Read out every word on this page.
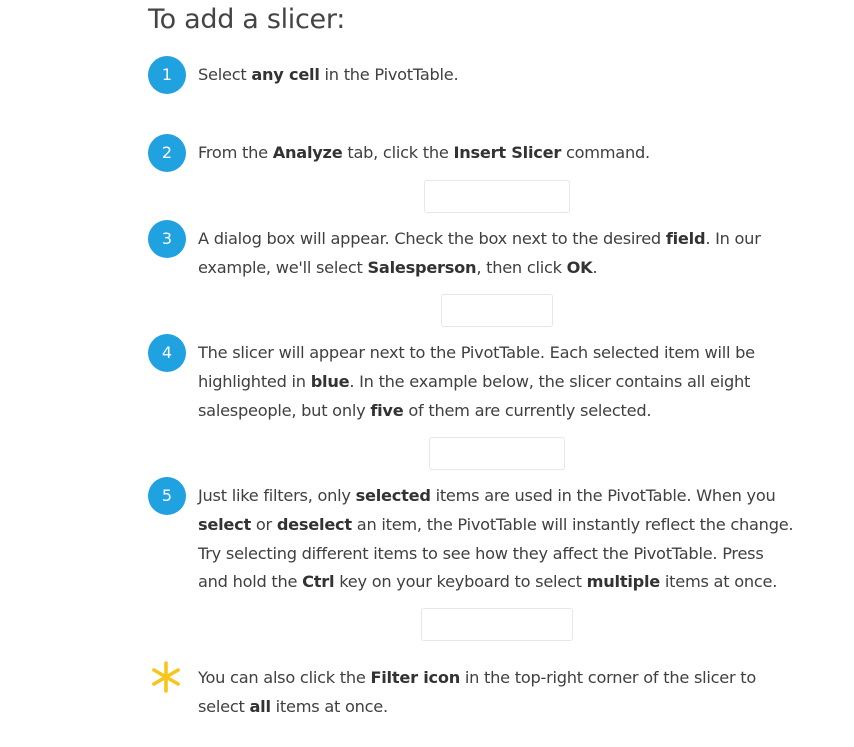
To add a slicer:
1	Select any cell in the PivotTable.

2	From the Analyze tab, click the Insert Slicer command.

3	A dialog box will appear. Check the box next to the desired field. In our example, we'll select Salesperson, then click OK.

4	The slicer will appear next to the PivotTable. Each selected item will be highlighted in blue. In the example below, the slicer contains all eight salespeople, but only five of them are currently selected.

5	Just like filters, only selected items are used in the PivotTable. When you select or deselect an item, the PivotTable will instantly reflect the change. Try selecting different items to see how they affect the PivotTable. Press and hold the Ctrl key on your keyboard to select multiple items at once.

You can also click the Filter icon in the top-right corner of the slicer to select all items at once.
